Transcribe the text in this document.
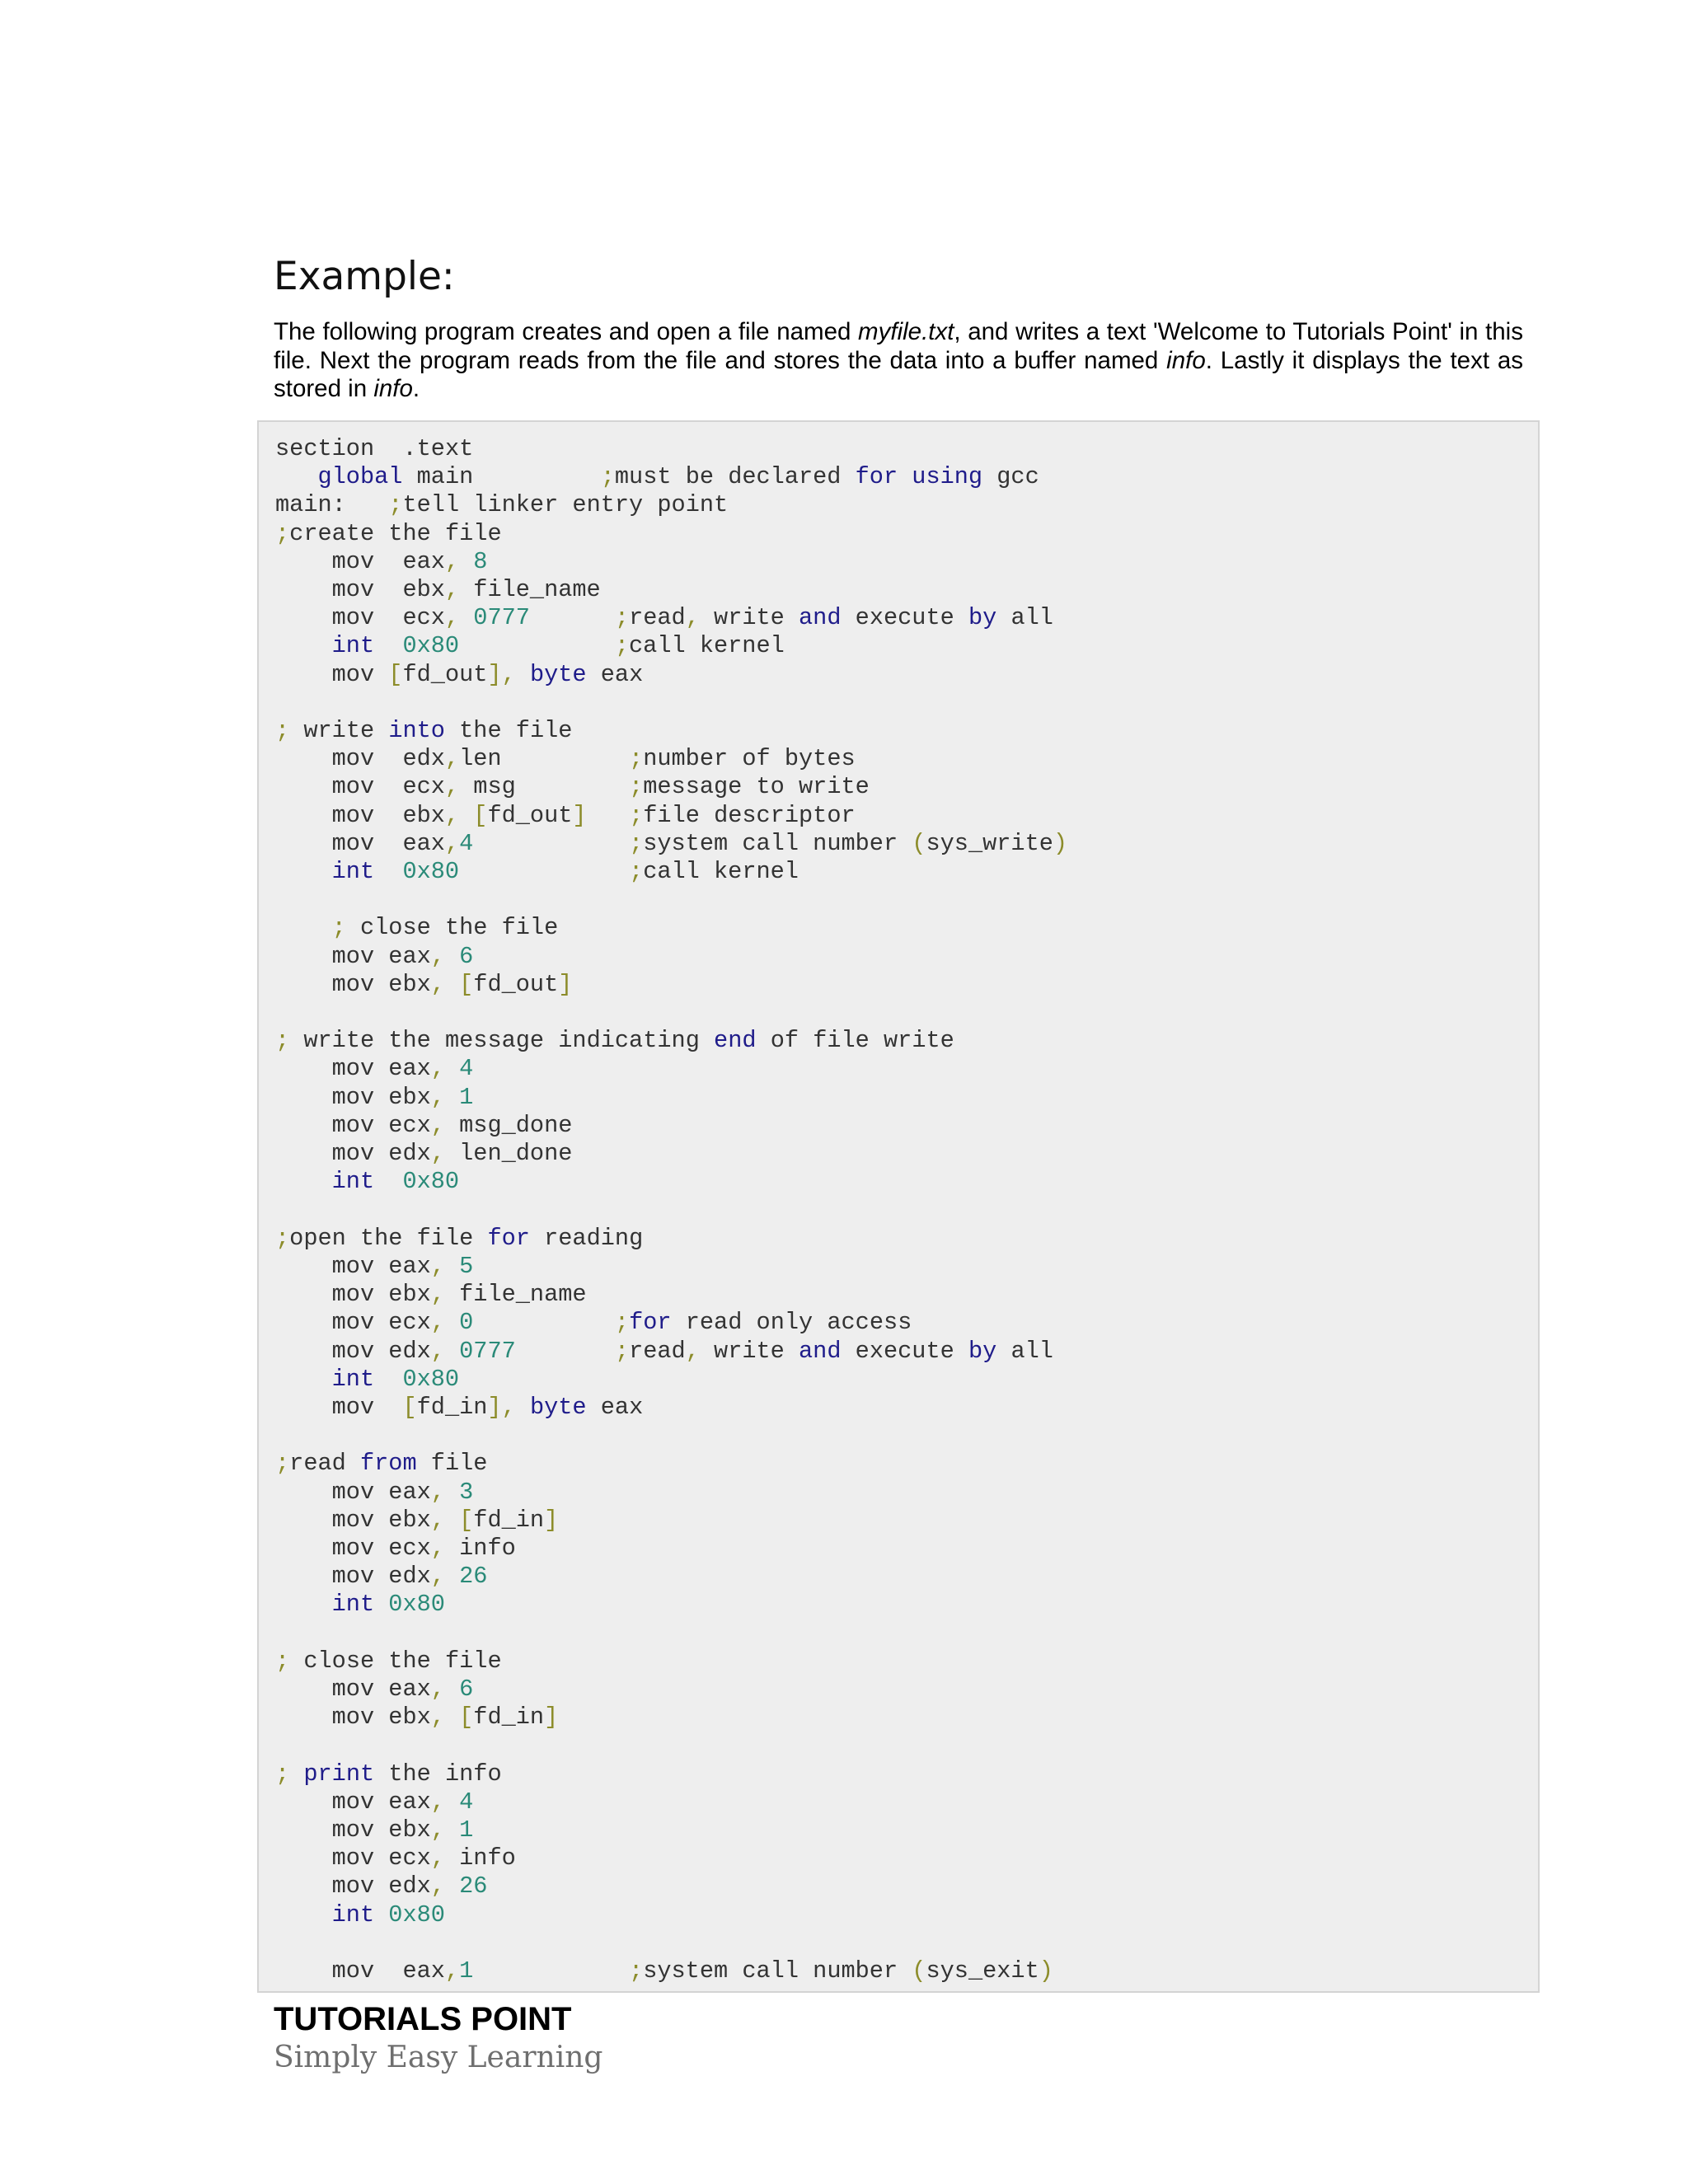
Example:

The following program creates and open a file named myfile.txt, and writes a text 'Welcome to Tutorials Point' in this file. Next the program reads from the file and stores the data into a buffer named info. Lastly it displays the text as stored in info.

section .text
global main	;must be declared for using gcc
main: ;tell linker entry point
;create the file
mov eax, 8
mov ebx, file_name
mov ecx, 0777	;read, write and execute by all
int 0x80	;call kernel
mov [fd_out], byte eax

; write into the file
mov edx,len	;number of bytes
mov ecx, msg	;message to write
mov ebx, [fd_out] ;file descriptor
mov eax,4	;system call number (sys_write)
int 0x80	;call kernel

; close the file
mov eax, 6
mov ebx, [fd_out]

; write the message indicating end of file write
mov eax, 4
mov ebx, 1
mov ecx, msg_done
mov edx, len_done
int 0x80

;open the file for reading
mov eax, 5
mov ebx, file_name
mov ecx, 0	;for read only access
mov edx, 0777	;read, write and execute by all
int 0x80
mov [fd_in], byte eax

;read from file
mov eax, 3
mov ebx, [fd_in]
mov ecx, info
mov edx, 26
int 0x80

; close the file
mov eax, 6
mov ebx, [fd_in]

; print the info
mov eax, 4
mov ebx, 1
mov ecx, info
mov edx, 26
int 0x80

mov eax,1	;system call number (sys_exit)
TUTORIALS POINT
Simply Easy Learning
